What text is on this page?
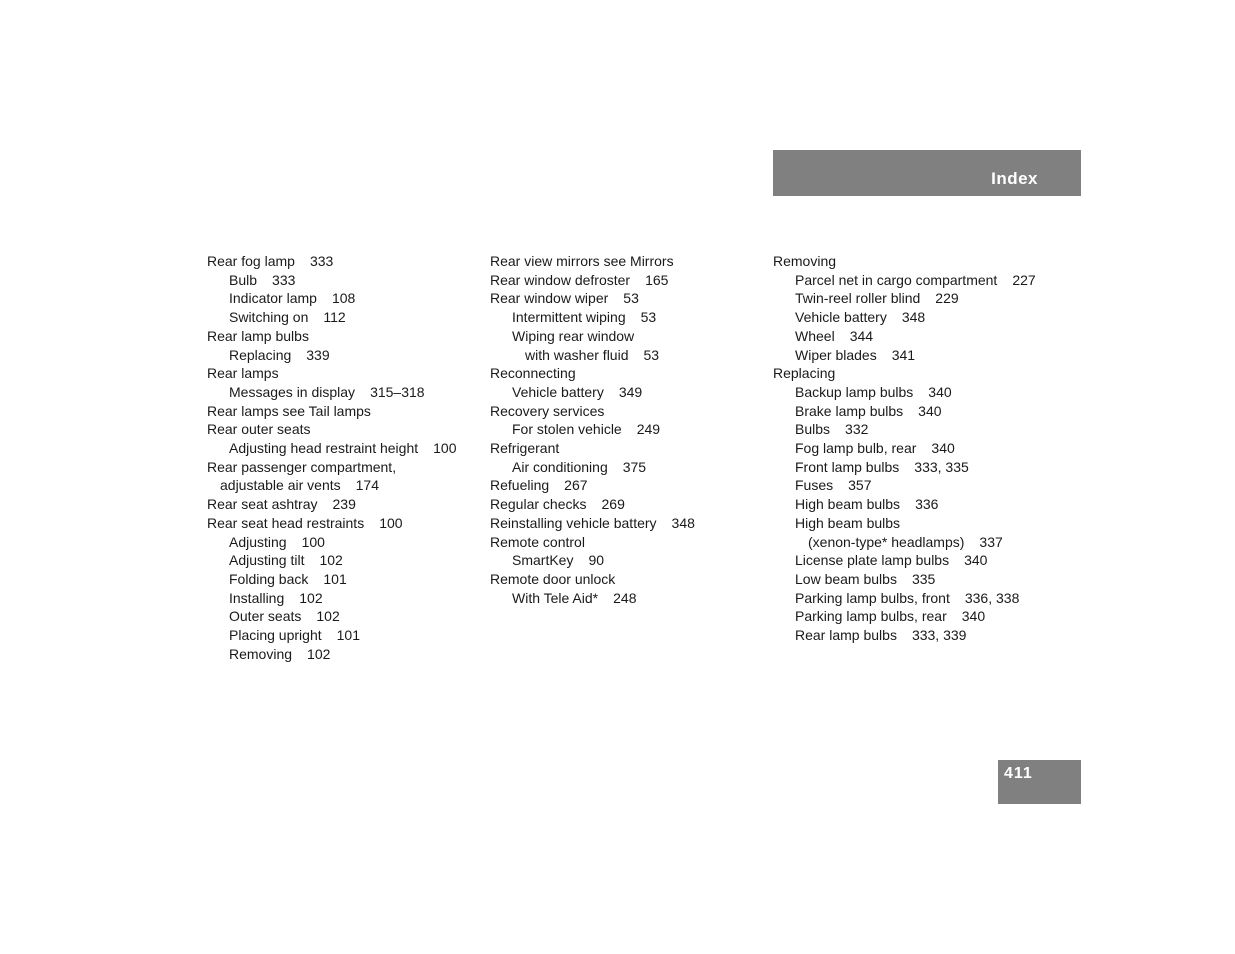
Index
Rear fog lamp 333
Bulb 333
Indicator lamp 108
Switching on 112
Rear lamp bulbs
Replacing 339
Rear lamps
Messages in display 315–318
Rear lamps see Tail lamps
Rear outer seats
Adjusting head restraint height 100
Rear passenger compartment,
adjustable air vents 174
Rear seat ashtray 239
Rear seat head restraints 100
Adjusting 100
Adjusting tilt 102
Folding back 101
Installing 102
Outer seats 102
Placing upright 101
Removing 102
Rear view mirrors see Mirrors
Rear window defroster 165
Rear window wiper 53
Intermittent wiping 53
Wiping rear window
with washer fluid 53
Reconnecting
Vehicle battery 349
Recovery services
For stolen vehicle 249
Refrigerant
Air conditioning 375
Refueling 267
Regular checks 269
Reinstalling vehicle battery 348
Remote control
SmartKey 90
Remote door unlock
With Tele Aid* 248
Removing
Parcel net in cargo compartment 227
Twin-reel roller blind 229
Vehicle battery 348
Wheel 344
Wiper blades 341
Replacing
Backup lamp bulbs 340
Brake lamp bulbs 340
Bulbs 332
Fog lamp bulb, rear 340
Front lamp bulbs 333, 335
Fuses 357
High beam bulbs 336
High beam bulbs
(xenon-type* headlamps) 337
License plate lamp bulbs 340
Low beam bulbs 335
Parking lamp bulbs, front 336, 338
Parking lamp bulbs, rear 340
Rear lamp bulbs 333, 339
411
